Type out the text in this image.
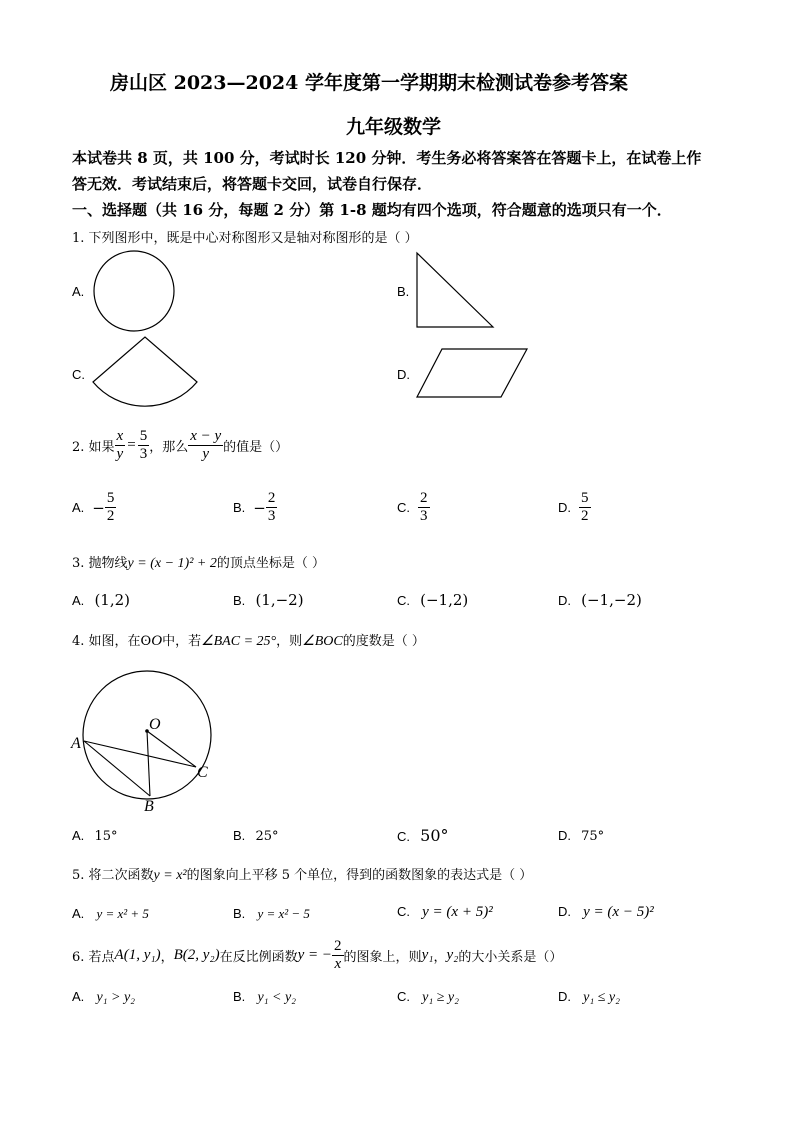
房山区 2023—2024 学年度第一学期期末检测试卷参考答案
九年级数学
本试卷共 8 页，共 100 分，考试时长 120 分钟．考生务必将答案答在答题卡上，在试卷上作
答无效．考试结束后，将答题卡交回，试卷自行保存．
一、选择题（共 16 分，每题 2 分）第 1-8 题均有四个选项，符合题意的选项只有一个．
1. 下列图形中，既是中心对称图形又是轴对称图形的是（ ）
A.	B.
C.	D.
2. 如果 $\frac{x}{y} = \frac{5}{3}$ ，那么 $\frac{x - y}{y}$ 的值是（）
A. − $\frac{5}{2}$	B. − $\frac{2}{3}$	C. $\frac{2}{3}$	D. $\frac{5}{2}$
3. 抛物线y = (x − 1)² + 2的顶点坐标是（ ）
A. (1,2)	B. (1,−2)	C. (−1,2)	D. (−1,−2)
4. 如图，在ʘO中，若∠BAC = 25°，则∠BOC的度数是（ ）
O
A
B
C
A. 15°	B. 25°	C. 50°	D. 75°
5. 将二次函数y = x²的图象向上平移 5 个单位，得到的函数图象的表达式是（ ）
A. y = x² + 5	B. y = x² − 5	C. y = (x + 5)²	D. y = (x − 5)²
6. 若点 A(1, y₁) ， B(2, y₂) 在反比例函数 y = − $\frac{2}{x}$ 的图象上，则 y₁ ， y₂ 的大小关系是（）
A. y₁ > y₂	B. y₁ < y₂	C. y₁ ≥ y₂	D. y₁ ≤ y₂
